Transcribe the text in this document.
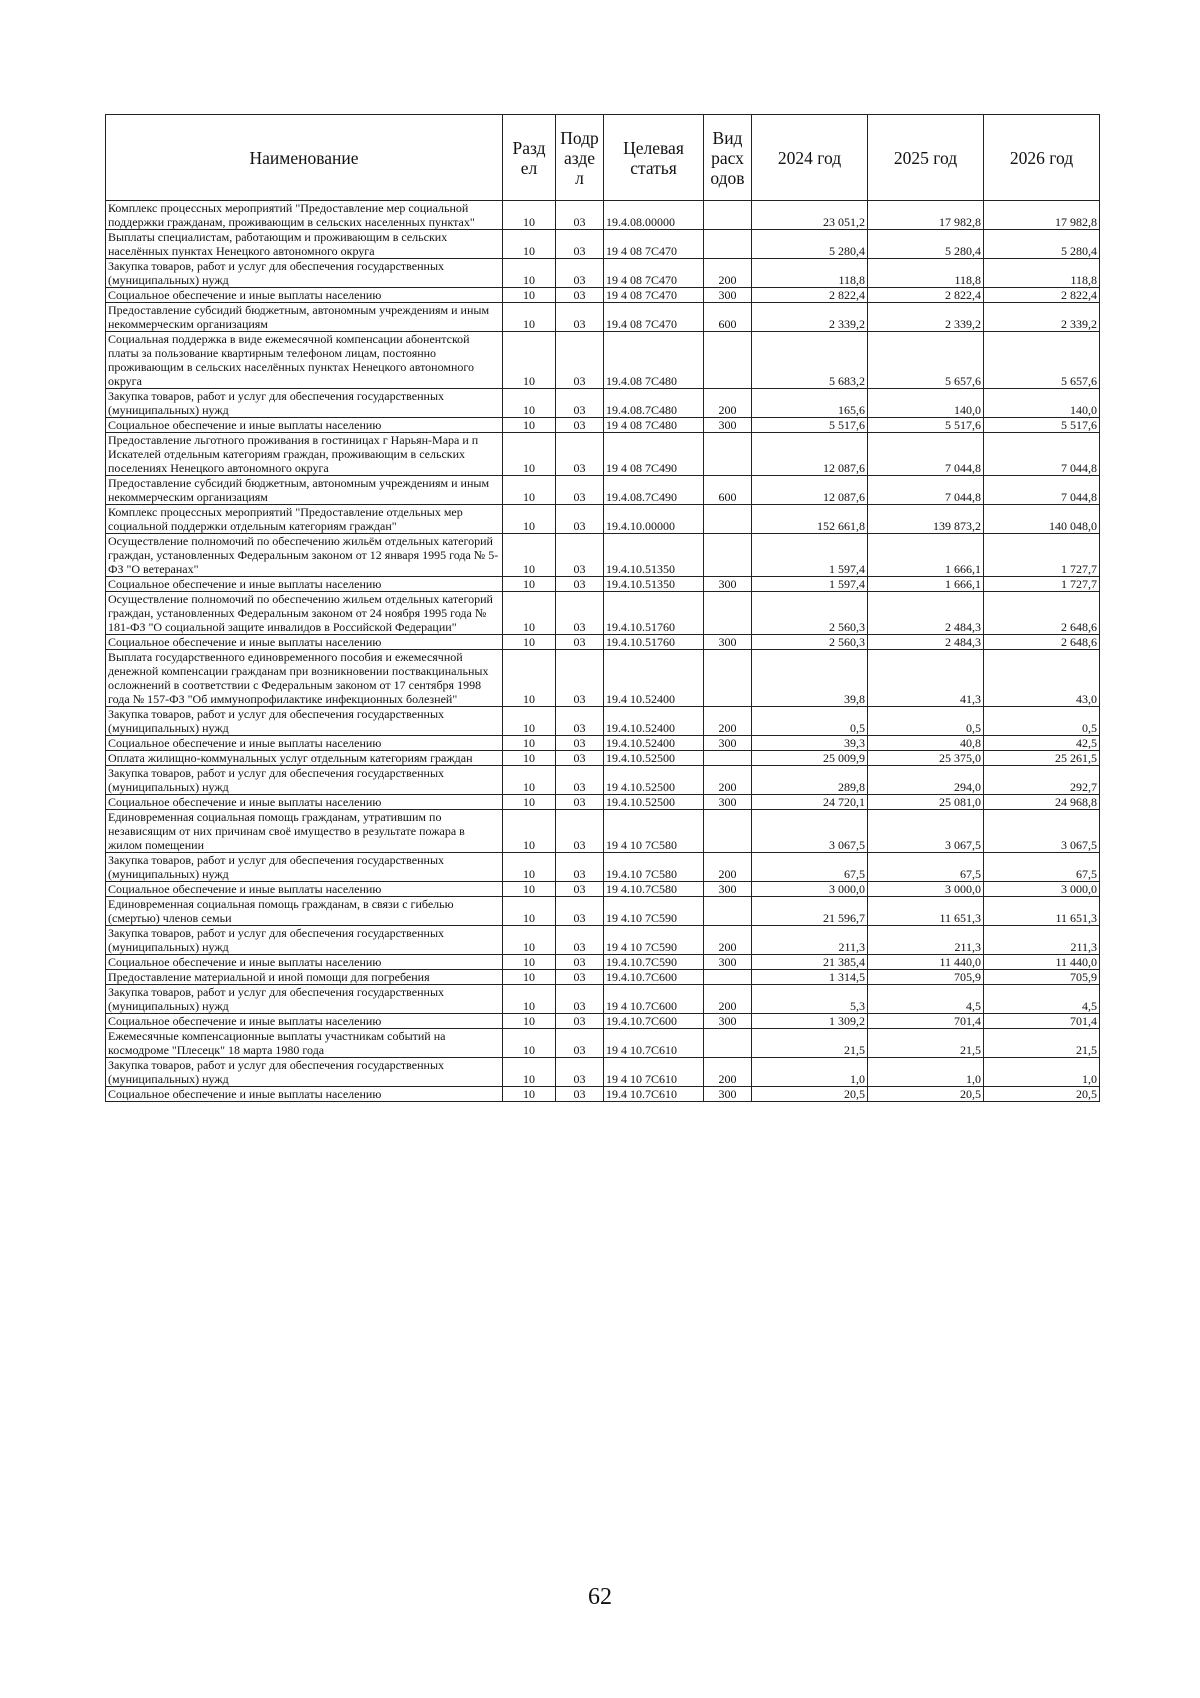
Наименование	Разд ел	Подр азде л	Целевая статья	Вид расх одов	2024 год	2025 год	2026 год
Комплекс процессных мероприятий "Предоставление мер социальной поддержки гражданам, проживающим в сельских населенных пунктах"	10	03	19.4.08.00000		23 051,2	17 982,8	17 982,8
Выплаты специалистам, работающим и проживающим в сельских населённых пунктах Ненецкого автономного округа	10	03	19 4 08 7С470		5 280,4	5 280,4	5 280,4
Закупка товаров, работ и услуг для обеспечения государственных (муниципальных) нужд	10	03	19 4 08 7С470	200	118,8	118,8	118,8
Социальное обеспечение и иные выплаты населению	10	03	19 4 08 7С470	300	2 822,4	2 822,4	2 822,4
Предоставление субсидий бюджетным, автономным учреждениям и иным некоммерческим организациям	10	03	19.4 08 7С470	600	2 339,2	2 339,2	2 339,2
Социальная поддержка в виде ежемесячной компенсации абонентской платы за пользование квартирным телефоном лицам, постоянно проживающим в сельских населённых пунктах Ненецкого автономного округа	10	03	19.4.08 7С480		5 683,2	5 657,6	5 657,6
Закупка товаров, работ и услуг для обеспечения государственных (муниципальных) нужд	10	03	19.4.08.7С480	200	165,6	140,0	140,0
Социальное обеспечение и иные выплаты населению	10	03	19 4 08 7С480	300	5 517,6	5 517,6	5 517,6
Предоставление льготного проживания в гостиницах г Нарьян-Мара и п Искателей отдельным категориям граждан, проживающим в сельских поселениях Ненецкого автономного округа	10	03	19 4 08 7С490		12 087,6	7 044,8	7 044,8
Предоставление субсидий бюджетным, автономным учреждениям и иным некоммерческим организациям	10	03	19.4.08.7С490	600	12 087,6	7 044,8	7 044,8
Комплекс процессных мероприятий "Предоставление отдельных мер социальной поддержки отдельным категориям граждан"	10	03	19.4.10.00000		152 661,8	139 873,2	140 048,0
Осуществление полномочий по обеспечению жильём отдельных категорий граждан, установленных Федеральным законом от 12 января 1995 года № 5-ФЗ "О ветеранах"	10	03	19.4.10.51350		1 597,4	1 666,1	1 727,7
Социальное обеспечение и иные выплаты населению	10	03	19.4.10.51350	300	1 597,4	1 666,1	1 727,7
Осуществление полномочий по обеспечению жильем отдельных категорий граждан, установленных Федеральным законом от 24 ноября 1995 года № 181-ФЗ "О социальной защите инвалидов в Российской Федерации"	10	03	19.4.10.51760		2 560,3	2 484,3	2 648,6
Социальное обеспечение и иные выплаты населению	10	03	19.4.10.51760	300	2 560,3	2 484,3	2 648,6
Выплата государственного единовременного пособия и ежемесячной денежной компенсации гражданам при возникновении поствакцинальных осложнений в соответствии с Федеральным законом от 17 сентября 1998 года № 157-ФЗ "Об иммунопрофилактике инфекционных болезней"	10	03	19.4 10.52400		39,8	41,3	43,0
Закупка товаров, работ и услуг для обеспечения государственных (муниципальных) нужд	10	03	19.4.10.52400	200	0,5	0,5	0,5
Социальное обеспечение и иные выплаты населению	10	03	19.4.10.52400	300	39,3	40,8	42,5
Оплата жилищно-коммунальных услуг отдельным категориям граждан	10	03	19.4.10.52500		25 009,9	25 375,0	25 261,5
Закупка товаров, работ и услуг для обеспечения государственных (муниципальных) нужд	10	03	19 4.10.52500	200	289,8	294,0	292,7
Социальное обеспечение и иные выплаты населению	10	03	19.4.10.52500	300	24 720,1	25 081,0	24 968,8
Единовременная социальная помощь гражданам, утратившим по независящим от них причинам своё имущество в результате пожара в жилом помещении	10	03	19 4 10 7С580		3 067,5	3 067,5	3 067,5
Закупка товаров, работ и услуг для обеспечения государственных (муниципальных) нужд	10	03	19.4.10 7С580	200	67,5	67,5	67,5
Социальное обеспечение и иные выплаты населению	10	03	19 4.10.7С580	300	3 000,0	3 000,0	3 000,0
Единовременная социальная помощь гражданам, в связи с гибелью (смертью) членов семьи	10	03	19 4.10 7С590		21 596,7	11 651,3	11 651,3
Закупка товаров, работ и услуг для обеспечения государственных (муниципальных) нужд	10	03	19 4 10 7С590	200	211,3	211,3	211,3
Социальное обеспечение и иные выплаты населению	10	03	19.4.10.7С590	300	21 385,4	11 440,0	11 440,0
Предоставление материальной и иной помощи для погребения	10	03	19.4.10.7С600		1 314,5	705,9	705,9
Закупка товаров, работ и услуг для обеспечения государственных (муниципальных) нужд	10	03	19 4 10.7С600	200	5,3	4,5	4,5
Социальное обеспечение и иные выплаты населению	10	03	19.4.10.7С600	300	1 309,2	701,4	701,4
Ежемесячные компенсационные выплаты участникам событий на космодроме "Плесецк" 18 марта 1980 года	10	03	19 4 10.7С610		21,5	21,5	21,5
Закупка товаров, работ и услуг для обеспечения государственных (муниципальных) нужд	10	03	19 4 10 7С610	200	1,0	1,0	1,0
Социальное обеспечение и иные выплаты населению	10	03	19.4 10.7С610	300	20,5	20,5	20,5
62
